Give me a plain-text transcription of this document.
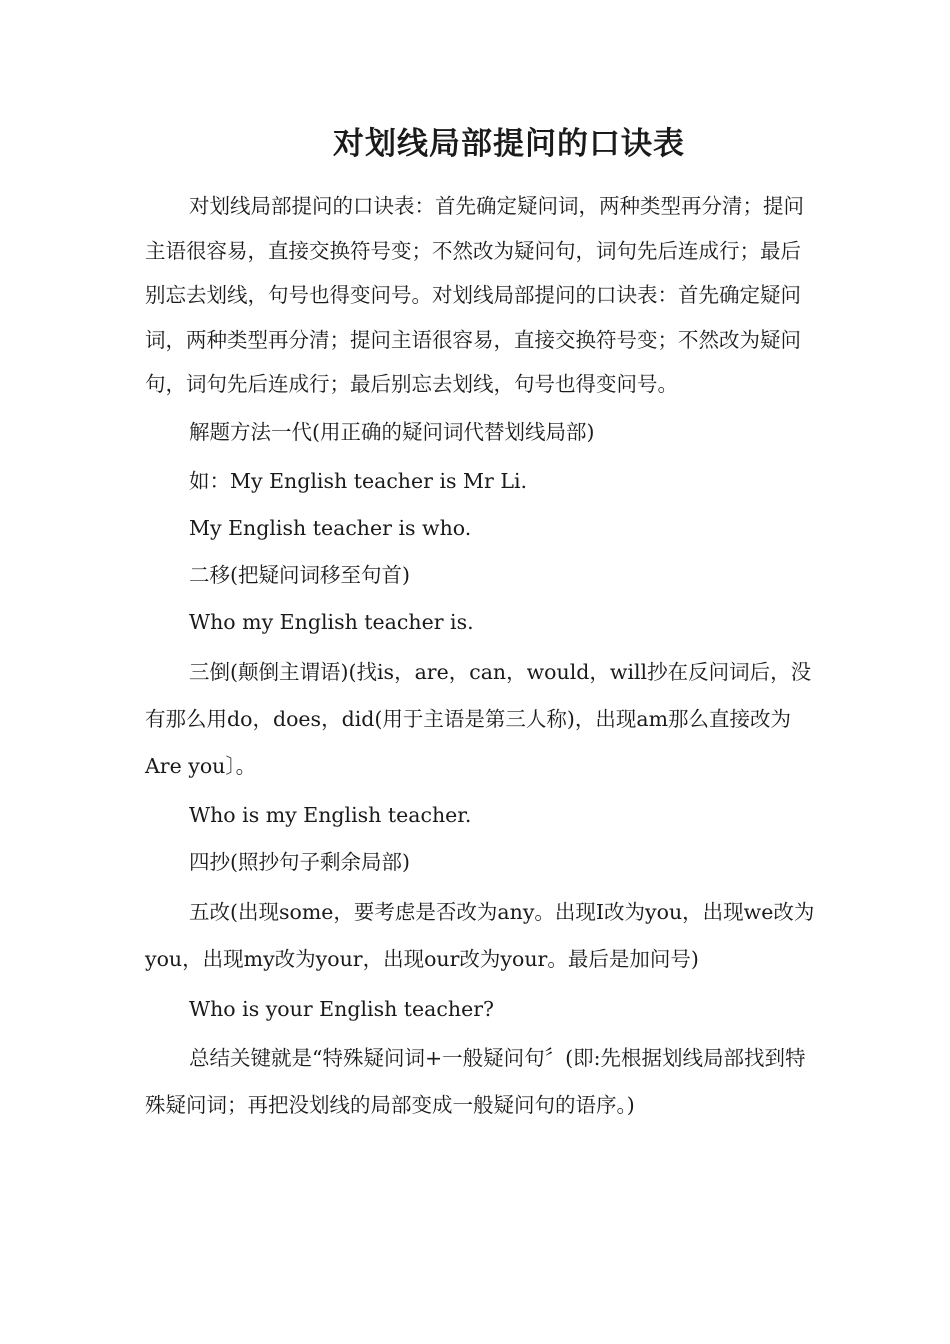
对划线局部提问的口诀表

对划线局部提问的口诀表：首先确定疑问词，两种类型再分清；提问主语很容易，直接交换符号变；不然改为疑问句，词句先后连成行；最后别忘去划线，句号也得变问号。对划线局部提问的口诀表：首先确定疑问词，两种类型再分清；提问主语很容易，直接交换符号变；不然改为疑问句，词句先后连成行；最后别忘去划线，句号也得变问号。

解题方法一代(用正确的疑问词代替划线局部)

如：My English teacher is Mr Li.

My English teacher is who.

二移(把疑问词移至句首)

Who my English teacher is.

三倒(颠倒主谓语)(找is，are，can，would，will抄在反问词后，没有那么用do，does，did(用于主语是第三人称)，出现am那么直接改为Are you〕。

Who is my English teacher.

四抄(照抄句子剩余局部)

五改(出现some，要考虑是否改为any。出现I改为you，出现we改为you，出现my改为your，出现our改为your。最后是加问号)

Who is your English teacher?

总结关键就是“特殊疑问词+一般疑问句〞(即:先根据划线局部找到特殊疑问词；再把没划线的局部变成一般疑问句的语序。)
